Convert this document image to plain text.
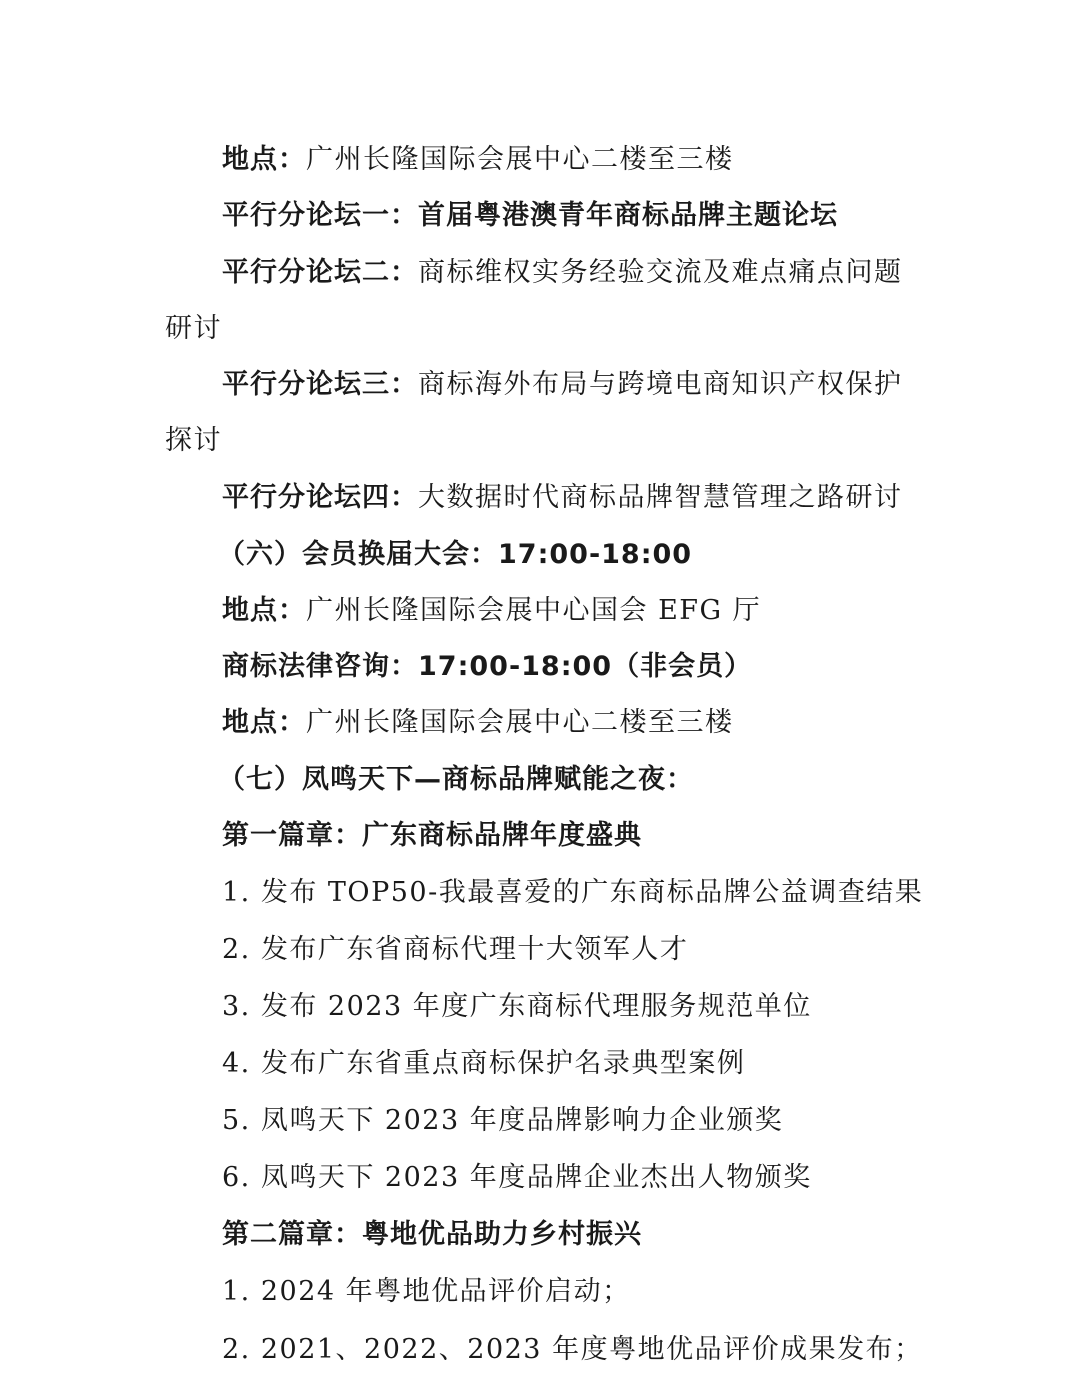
地点：广州长隆国际会展中心二楼至三楼
平行分论坛一：首届粤港澳青年商标品牌主题论坛
平行分论坛二：商标维权实务经验交流及难点痛点问题
研讨
平行分论坛三：商标海外布局与跨境电商知识产权保护
探讨
平行分论坛四：大数据时代商标品牌智慧管理之路研讨
（六）会员换届大会：17:00-18:00
地点：广州长隆国际会展中心国会 EFG 厅
商标法律咨询：17:00-18:00（非会员）
地点：广州长隆国际会展中心二楼至三楼
（七）凤鸣天下—商标品牌赋能之夜：
第一篇章：广东商标品牌年度盛典
1. 发布 TOP50-我最喜爱的广东商标品牌公益调查结果
2. 发布广东省商标代理十大领军人才
3. 发布 2023 年度广东商标代理服务规范单位
4. 发布广东省重点商标保护名录典型案例
5. 凤鸣天下 2023 年度品牌影响力企业颁奖
6. 凤鸣天下 2023 年度品牌企业杰出人物颁奖
第二篇章：粤地优品助力乡村振兴
1. 2024 年粤地优品评价启动；
2. 2021、2022、2023 年度粤地优品评价成果发布；
